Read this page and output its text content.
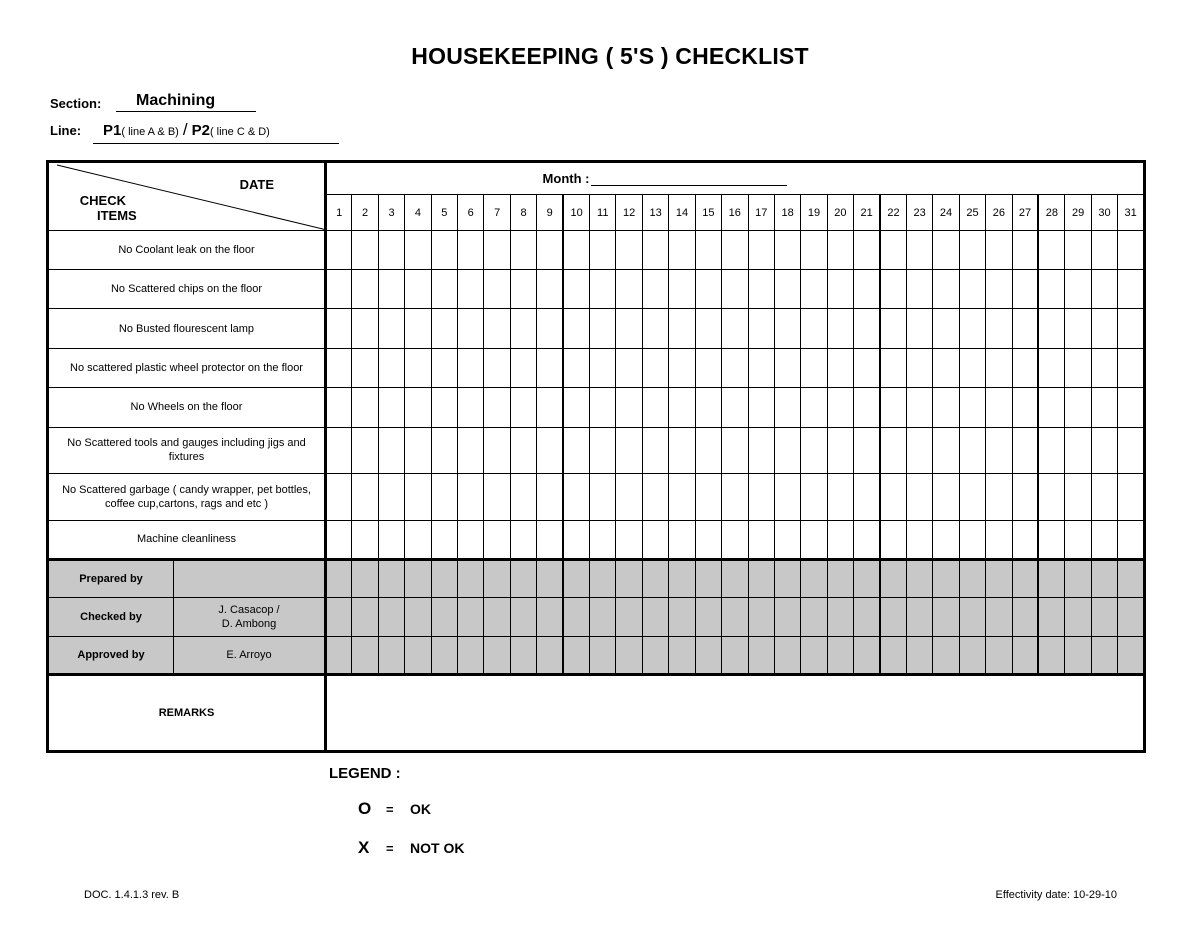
HOUSEKEEPING ( 5'S ) CHECKLIST
Section: Machining
Line: P1( line A & B) / P2( line C & D)
DATE
CHECK
ITEMS		Month :																														
		1	2	3	4	5	6	7	8	9	10	11	12	13	14	15	16	17	18	19	20	21	22	23	24	25	26	27	28	29	30	31
No Coolant leak on the floor																																
No Scattered chips on the floor																																
No Busted flourescent lamp																																
No scattered plastic wheel protector on the floor																																
No Wheels on the floor																																
No Scattered tools and gauges including jigs and fixtures																																
No Scattered garbage ( candy wrapper, pet bottles, coffee cup,cartons, rags and etc )																																
Machine cleanliness																																
Prepared by																																
Checked by	J. Casacop /
D. Ambong																															
Approved by	E. Arroyo																															
REMARKS																																
LEGEND :
O = OK
X = NOT OK
DOC. 1.4.1.3 rev. B	Effectivity date: 10-29-10
